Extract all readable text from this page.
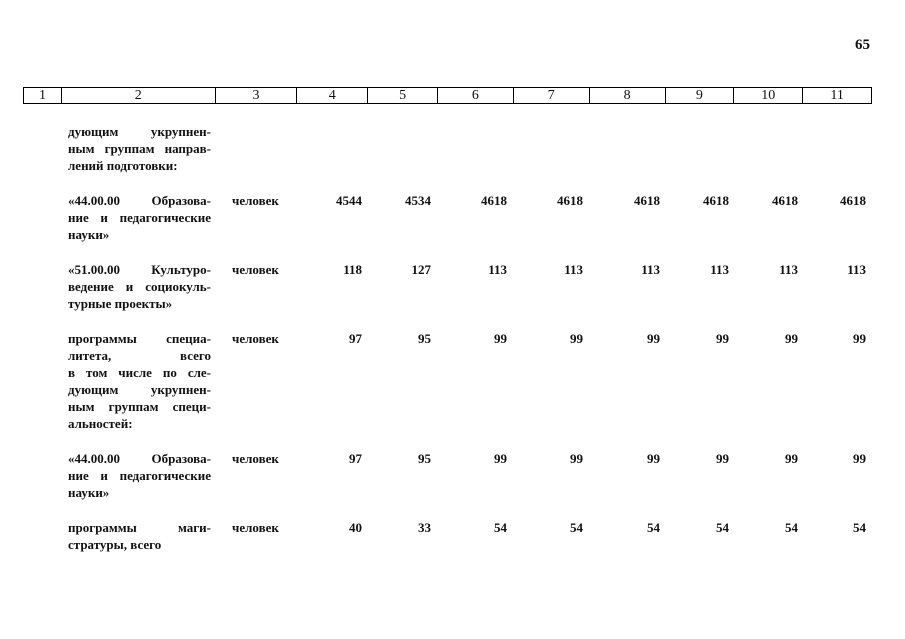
65
1	2	3	4	5	6	7	8	9	10	11
дующим	укрупнен-
ным группам направ-
лений подготовки:
«44.00.00 Образова-
ние и педагогические
науки»
человек	4544	4534	4618	4618	4618	4618	4618	4618
«51.00.00 Культуро-
ведение и социокуль-
турные проекты»
человек	118	127	113	113	113	113	113	113
программы специа-
литета,	всего
в том числе по сле-
дующим	укрупнен-
ным группам специ-
альностей:
человек	97	95	99	99	99	99	99	99
«44.00.00 Образова-
ние и педагогические
науки»
человек	97	95	99	99	99	99	99	99
программы	маги-
стратуры, всего
человек	40	33	54	54	54	54	54	54
